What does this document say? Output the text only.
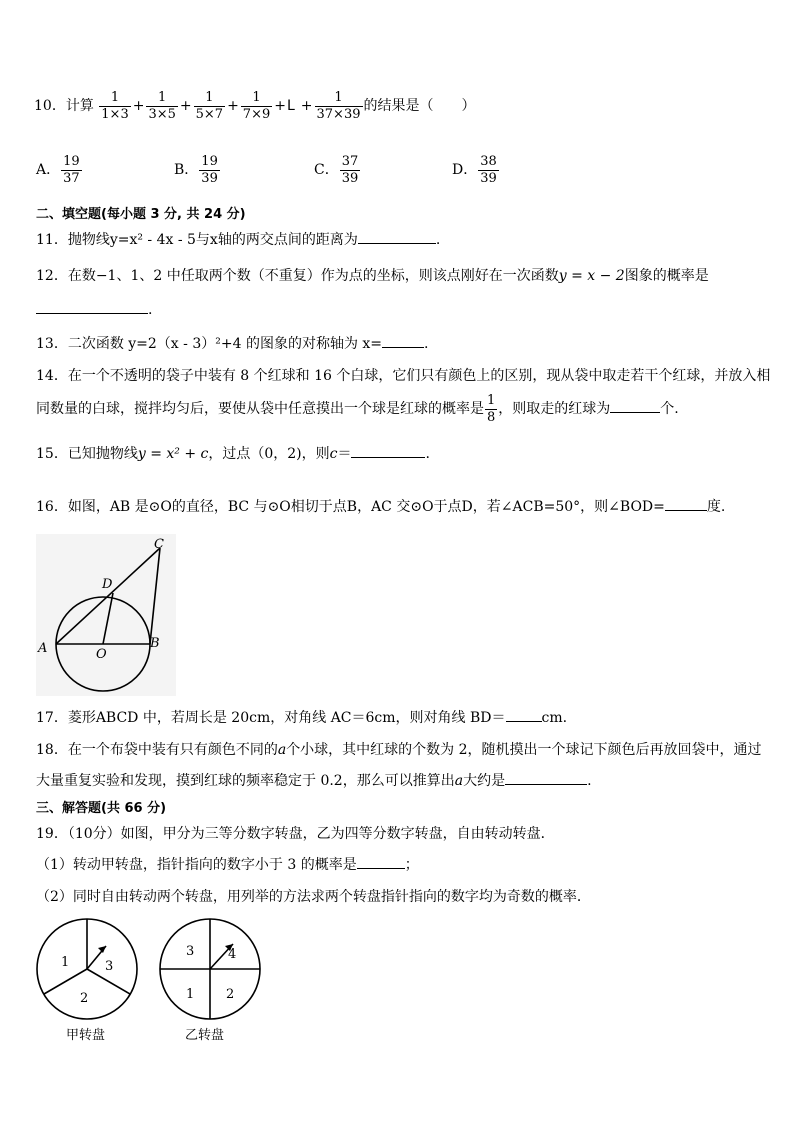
10．计算 $\frac{1}{1\times 3} + \frac{1}{3\times 5} + \frac{1}{5\times 7} + \frac{1}{7\times 9} +L + \frac{1}{37\times 39}$ 的结果是（　　）
A． $\frac{19}{37}$	B． $\frac{19}{39}$	C． $\frac{37}{39}$	D． $\frac{38}{39}$
二、填空题(每小题 3 分, 共 24 分)
11．抛物线y=x² - 4x - 5与x轴的两交点间的距离为	.
12．在数−1、1、2 中任取两个数（不重复）作为点的坐标，则该点刚好在一次函数y = x − 2图象的概率是
.
13．二次函数 y=2（x - 3）²+4 的图象的对称轴为 x=	.
14．在一个不透明的袋子中装有 8 个红球和 16 个白球，它们只有颜色上的区别，现从袋中取走若干个红球，并放入相
同数量的白球，搅拌均匀后，要使从袋中任意摸出一个球是红球的概率是 $\frac{1}{8}$ ，则取走的红球为	个.
15．已知抛物线y = x² + c，过点（0，2)，则c＝	.
16．如图，AB 是⊙O的直径，BC 与⊙O相切于点B，AC 交⊙O于点D，若∠ACB=50°，则∠BOD=	度.
C
D
A	B
O
17．菱形ABCD 中，若周长是 20cm，对角线 AC＝6cm，则对角线 BD＝	cm.
18．在一个布袋中装有只有颜色不同的a个小球，其中红球的个数为 2，随机摸出一个球记下颜色后再放回袋中，通过
大量重复实验和发现，摸到红球的频率稳定于 0.2，那么可以推算出a大约是	.
三、解答题(共 66 分)
19．（10分）如图，甲分为三等分数字转盘，乙为四等分数字转盘，自由转动转盘．
（1）转动甲转盘，指针指向的数字小于 3 的概率是	；
（2）同时自由转动两个转盘，用列举的方法求两个转盘指针指向的数字均为奇数的概率．
1	3
2
甲转盘
3	4
1 2
乙转盘
